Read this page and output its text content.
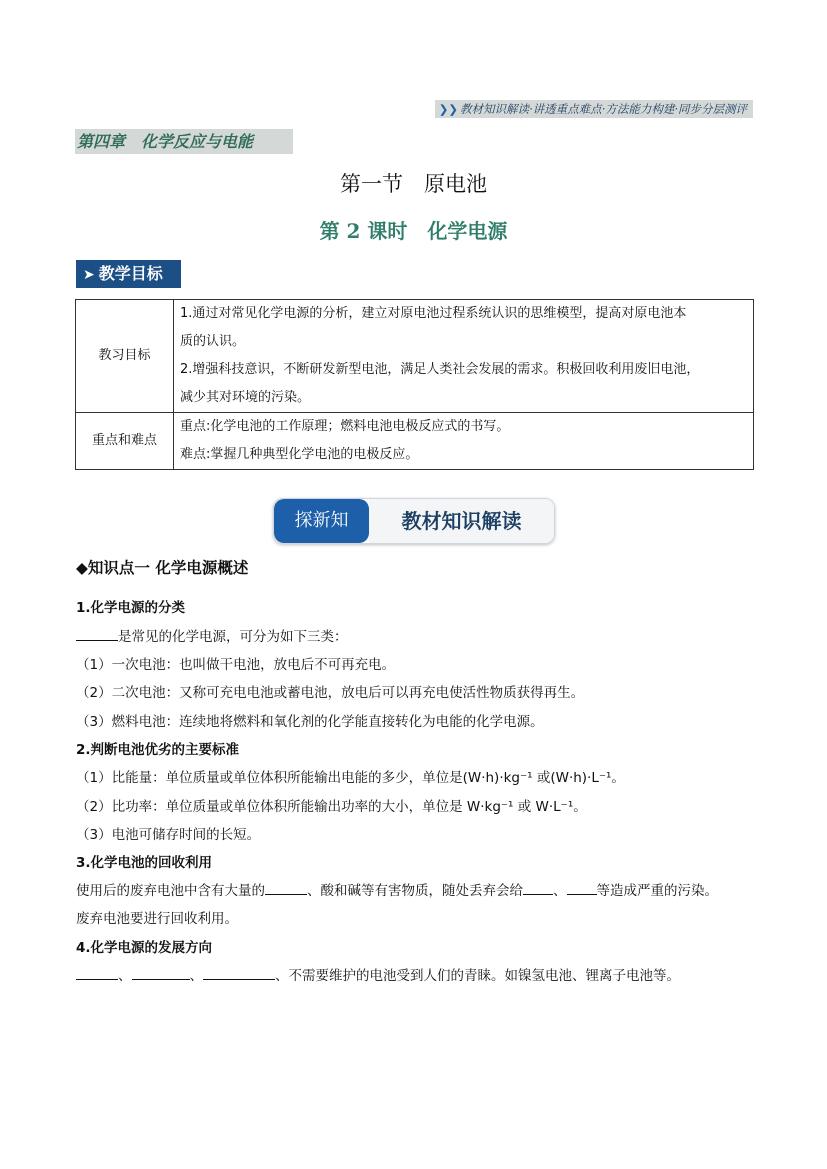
❯❯ 教材知识解读·讲透重点难点·方法能力构建·同步分层测评
第四章　化学反应与电能
第一节　原电池
第 2 课时　化学电源
➤ 教学目标
教习目标	1.通过对常见化学电源的分析，建立对原电池过程系统认识的思维模型，提高对原电池本

质的认识。

2.增强科技意识，不断研发新型电池，满足人类社会发展的需求。积极回收利用废旧电池，

减少其对环境的污染。

重点和难点	重点:化学电池的工作原理；燃料电池电极反应式的书写。

难点:掌握几种典型化学电池的电极反应。

探新知	教材知识解读
◆知识点一 化学电源概述
1.化学电源的分类
是常见的化学电源，可分为如下三类：
（1）一次电池：也叫做干电池，放电后不可再充电。
（2）二次电池：又称可充电电池或蓄电池，放电后可以再充电使活性物质获得再生。
（3）燃料电池：连续地将燃料和氧化剂的化学能直接转化为电能的化学电源。
2.判断电池优劣的主要标准
（1）比能量：单位质量或单位体积所能输出电能的多少，单位是(W·h)·kg⁻¹ 或(W·h)·L⁻¹。
（2）比功率：单位质量或单位体积所能输出功率的大小，单位是 W·kg⁻¹ 或 W·L⁻¹。
（3）电池可储存时间的长短。
3.化学电池的回收利用
使用后的废弃电池中含有大量的	、酸和碱等有害物质，随处丢弃会给 、 等造成严重的污染。
废弃电池要进行回收利用。
4.化学电源的发展方向
、	、	、不需要维护的电池受到人们的青睐。如镍氢电池、锂离子电池等。
